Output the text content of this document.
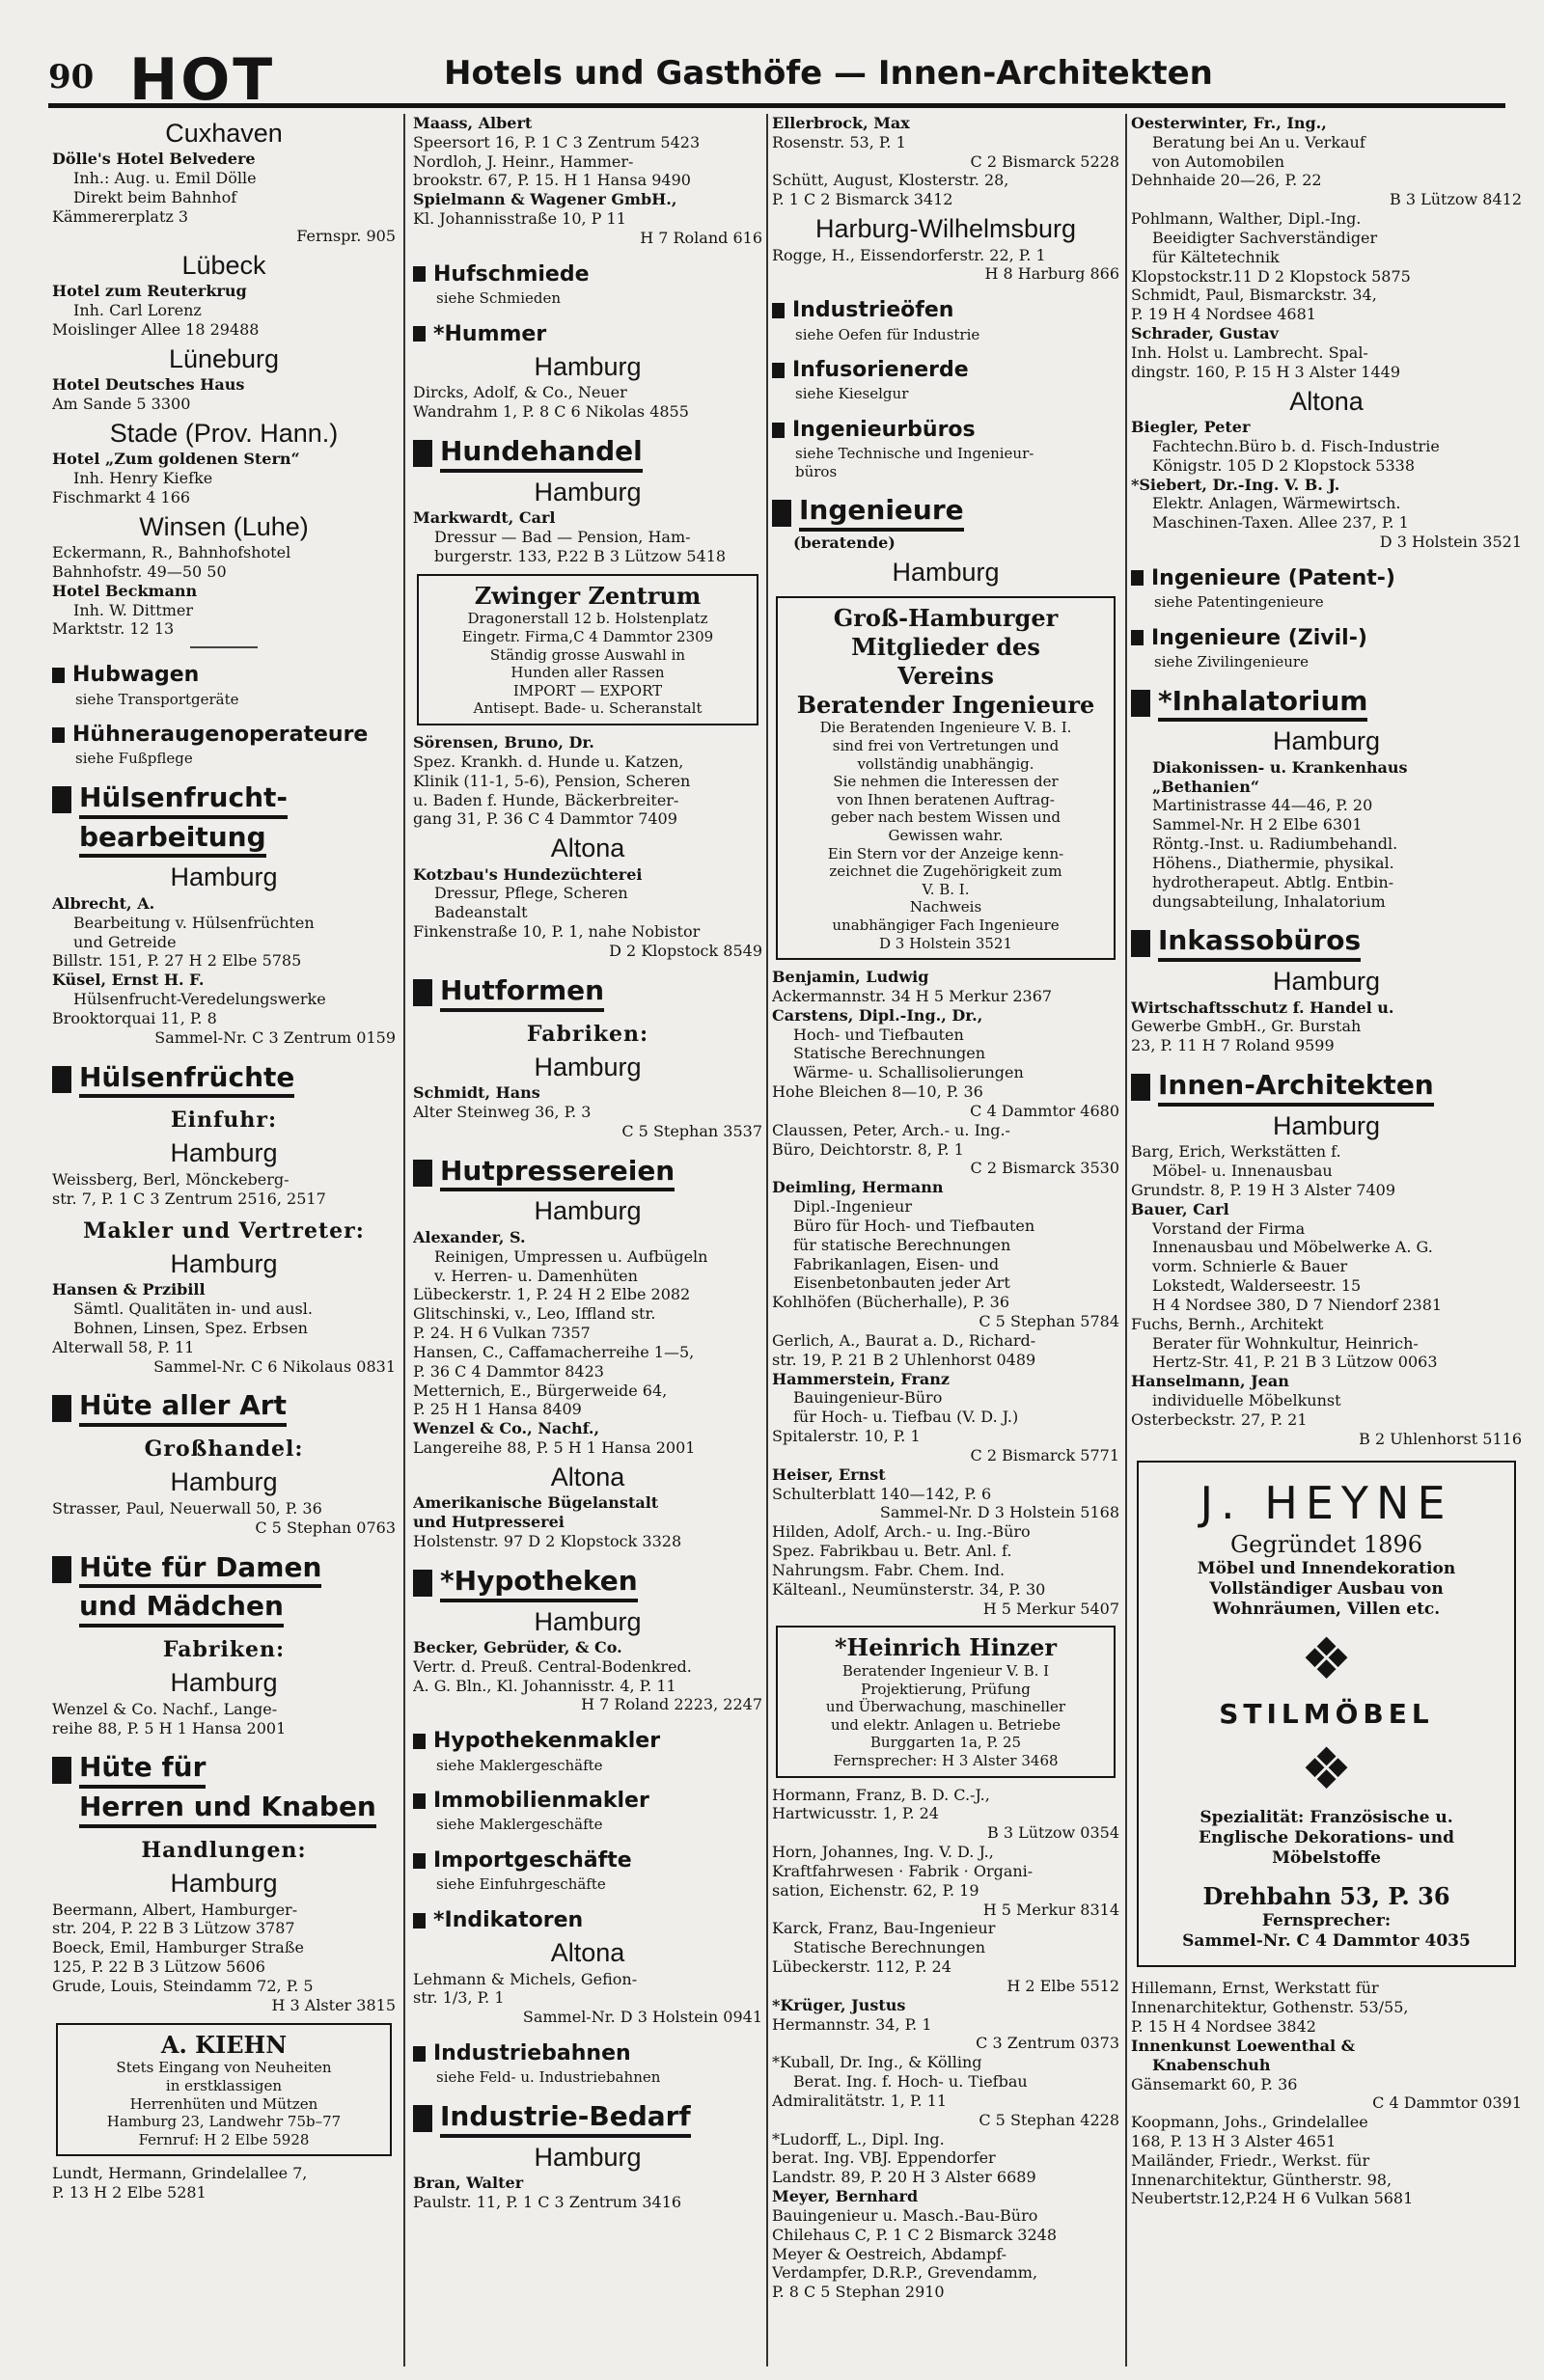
90 HOT	Hotels und Gasthöfe — Innen-Architekten
Cuxhaven
Dölle's Hotel Belvedere
Inh.: Aug. u. Emil Dölle
Direkt beim Bahnhof
Kämmererplatz 3
Fernspr. 905
Lübeck
Hotel zum Reuterkrug
Inh. Carl Lorenz
Moislinger Allee 18 29488
Lüneburg
Hotel Deutsches Haus
Am Sande 5 3300
Stade (Prov. Hann.)
Hotel „Zum goldenen Stern“
Inh. Henry Kiefke
Fischmarkt 4 166
Winsen (Luhe)
Eckermann, R., Bahnhofshotel
Bahnhofstr. 49—50 50
Hotel Beckmann
Inh. W. Dittmer
Marktstr. 12 13
Hubwagen
siehe Transportgeräte
Hühneraugenoperateure
siehe Fußpflege
Hülsenfrucht-
bearbeitung
Hamburg
Albrecht, A.
Bearbeitung v. Hülsenfrüchten
und Getreide
Billstr. 151, P. 27 H 2 Elbe 5785
Küsel, Ernst H. F.
Hülsenfrucht-Veredelungswerke
Brooktorquai 11, P. 8
Sammel-Nr. C 3 Zentrum 0159
Hülsenfrüchte
Einfuhr:
Hamburg
Weissberg, Berl, Mönckeberg-
str. 7, P. 1 C 3 Zentrum 2516, 2517
Makler und Vertreter:
Hamburg
Hansen & Przibill
Sämtl. Qualitäten in- und ausl.
Bohnen, Linsen, Spez. Erbsen
Alterwall 58, P. 11
Sammel-Nr. C 6 Nikolaus 0831
Hüte aller Art
Großhandel:
Hamburg
Strasser, Paul, Neuerwall 50, P. 36
C 5 Stephan 0763
Hüte für Damen
und Mädchen
Fabriken:
Hamburg
Wenzel & Co. Nachf., Lange-
reihe 88, P. 5 H 1 Hansa 2001
Hüte für
Herren und Knaben
Handlungen:
Hamburg
Beermann, Albert, Hamburger-
str. 204, P. 22 B 3 Lützow 3787
Boeck, Emil, Hamburger Straße
125, P. 22 B 3 Lützow 5606
Grude, Louis, Steindamm 72, P. 5
H 3 Alster 3815
A. KIEHN
Stets Eingang von Neuheiten
in erstklassigen
Herrenhüten und Mützen
Hamburg 23, Landwehr 75b–77
Fernruf: H 2 Elbe 5928
Lundt, Hermann, Grindelallee 7,
P. 13 H 2 Elbe 5281
Maass, Albert
Speersort 16, P. 1 C 3 Zentrum 5423
Nordloh, J. Heinr., Hammer-
brookstr. 67, P. 15. H 1 Hansa 9490
Spielmann & Wagener GmbH.,
Kl. Johannisstraße 10, P 11
H 7 Roland 616
Hufschmiede
siehe Schmieden
*Hummer
Hamburg
Dircks, Adolf, & Co., Neuer
Wandrahm 1, P. 8 C 6 Nikolas 4855
Hundehandel
Hamburg
Markwardt, Carl
Dressur — Bad — Pension, Ham-
burgerstr. 133, P.22 B 3 Lützow 5418
Zwinger Zentrum
Dragonerstall 12 b. Holstenplatz
Eingetr. Firma,C 4 Dammtor 2309
Ständig grosse Auswahl in
Hunden aller Rassen
IMPORT — EXPORT
Antisept. Bade- u. Scheranstalt
Sörensen, Bruno, Dr.
Spez. Krankh. d. Hunde u. Katzen,
Klinik (11-1, 5-6), Pension, Scheren
u. Baden f. Hunde, Bäckerbreiter-
gang 31, P. 36 C 4 Dammtor 7409
Altona
Kotzbau's Hundezüchterei
Dressur, Pflege, Scheren
Badeanstalt
Finkenstraße 10, P. 1, nahe Nobistor
D 2 Klopstock 8549
Hutformen
Fabriken:
Hamburg
Schmidt, Hans
Alter Steinweg 36, P. 3
C 5 Stephan 3537
Hutpressereien
Hamburg
Alexander, S.
Reinigen, Umpressen u. Aufbügeln
v. Herren- u. Damenhüten
Lübeckerstr. 1, P. 24 H 2 Elbe 2082
Glitschinski, v., Leo, Iffland str.
P. 24. H 6 Vulkan 7357
Hansen, C., Caffamacherreihe 1—5,
P. 36 C 4 Dammtor 8423
Metternich, E., Bürgerweide 64,
P. 25 H 1 Hansa 8409
Wenzel & Co., Nachf.,
Langereihe 88, P. 5 H 1 Hansa 2001
Altona
Amerikanische Bügelanstalt
und Hutpresserei
Holstenstr. 97 D 2 Klopstock 3328
*Hypotheken
Hamburg
Becker, Gebrüder, & Co.
Vertr. d. Preuß. Central-Bodenkred.
A. G. Bln., Kl. Johannisstr. 4, P. 11
H 7 Roland 2223, 2247
Hypothekenmakler
siehe Maklergeschäfte
Immobilienmakler
siehe Maklergeschäfte
Importgeschäfte
siehe Einfuhrgeschäfte
*Indikatoren
Altona
Lehmann & Michels, Gefion-
str. 1/3, P. 1
Sammel-Nr. D 3 Holstein 0941
Industriebahnen
siehe Feld- u. Industriebahnen
Industrie-Bedarf
Hamburg
Bran, Walter
Paulstr. 11, P. 1 C 3 Zentrum 3416
Ellerbrock, Max
Rosenstr. 53, P. 1
C 2 Bismarck 5228
Schütt, August, Klosterstr. 28,
P. 1 C 2 Bismarck 3412
Harburg-Wilhelmsburg
Rogge, H., Eissendorferstr. 22, P. 1
H 8 Harburg 866
Industrieöfen
siehe Oefen für Industrie
Infusorienerde
siehe Kieselgur
Ingenieurbüros
siehe Technische und Ingenieur-
büros
Ingenieure
(beratende)
Hamburg
Groß-Hamburger Mitglieder des
Vereins
Beratender Ingenieure
Die Beratenden Ingenieure V. B. I.
sind frei von Vertretungen und
vollständig unabhängig.
Sie nehmen die Interessen der
von Ihnen beratenen Auftrag-
geber nach bestem Wissen und
Gewissen wahr.
Ein Stern vor der Anzeige kenn-
zeichnet die Zugehörigkeit zum
V. B. I.
Nachweis
unabhängiger Fach Ingenieure
D 3 Holstein 3521
Benjamin, Ludwig
Ackermannstr. 34 H 5 Merkur 2367
Carstens, Dipl.-Ing., Dr.,
Hoch- und Tiefbauten
Statische Berechnungen
Wärme- u. Schallisolierungen
Hohe Bleichen 8—10, P. 36
C 4 Dammtor 4680
Claussen, Peter, Arch.- u. Ing.-
Büro, Deichtorstr. 8, P. 1
C 2 Bismarck 3530
Deimling, Hermann
Dipl.-Ingenieur
Büro für Hoch- und Tiefbauten
für statische Berechnungen
Fabrikanlagen, Eisen- und
Eisenbetonbauten jeder Art
Kohlhöfen (Bücherhalle), P. 36
C 5 Stephan 5784
Gerlich, A., Baurat a. D., Richard-
str. 19, P. 21 B 2 Uhlenhorst 0489
Hammerstein, Franz
Bauingenieur-Büro
für Hoch- u. Tiefbau (V. D. J.)
Spitalerstr. 10, P. 1
C 2 Bismarck 5771
Heiser, Ernst
Schulterblatt 140—142, P. 6
Sammel-Nr. D 3 Holstein 5168
Hilden, Adolf, Arch.- u. Ing.-Büro
Spez. Fabrikbau u. Betr. Anl. f.
Nahrungsm. Fabr. Chem. Ind.
Kälteanl., Neumünsterstr. 34, P. 30
H 5 Merkur 5407
*Heinrich Hinzer
Beratender Ingenieur V. B. I
Projektierung, Prüfung
und Überwachung, maschineller
und elektr. Anlagen u. Betriebe
Burggarten 1a, P. 25
Fernsprecher: H 3 Alster 3468
Hormann, Franz, B. D. C.-J.,
Hartwicusstr. 1, P. 24
B 3 Lützow 0354
Horn, Johannes, Ing. V. D. J.,
Kraftfahrwesen · Fabrik · Organi-
sation, Eichenstr. 62, P. 19
H 5 Merkur 8314
Karck, Franz, Bau-Ingenieur
Statische Berechnungen
Lübeckerstr. 112, P. 24
H 2 Elbe 5512
*Krüger, Justus
Hermannstr. 34, P. 1
C 3 Zentrum 0373
*Kuball, Dr. Ing., & Kölling
Berat. Ing. f. Hoch- u. Tiefbau
Admiralitätstr. 1, P. 11
C 5 Stephan 4228
*Ludorff, L., Dipl. Ing.
berat. Ing. VBJ. Eppendorfer
Landstr. 89, P. 20 H 3 Alster 6689
Meyer, Bernhard
Bauingenieur u. Masch.-Bau-Büro
Chilehaus C, P. 1 C 2 Bismarck 3248
Meyer & Oestreich, Abdampf-
Verdampfer, D.R.P., Grevendamm,
P. 8 C 5 Stephan 2910
Oesterwinter, Fr., Ing.,
Beratung bei An u. Verkauf
von Automobilen
Dehnhaide 20—26, P. 22
B 3 Lützow 8412
Pohlmann, Walther, Dipl.-Ing.
Beeidigter Sachverständiger
für Kältetechnik
Klopstockstr.11 D 2 Klopstock 5875
Schmidt, Paul, Bismarckstr. 34,
P. 19 H 4 Nordsee 4681
Schrader, Gustav
Inh. Holst u. Lambrecht. Spal-
dingstr. 160, P. 15 H 3 Alster 1449
Altona
Biegler, Peter
Fachtechn.Büro b. d. Fisch-Industrie
Königstr. 105 D 2 Klopstock 5338
*Siebert, Dr.-Ing. V. B. J.
Elektr. Anlagen, Wärmewirtsch.
Maschinen-Taxen. Allee 237, P. 1
D 3 Holstein 3521
Ingenieure (Patent-)
siehe Patentingenieure
Ingenieure (Zivil-)
siehe Zivilingenieure
*Inhalatorium
Hamburg
Diakonissen- u. Krankenhaus
„Bethanien“
Martinistrasse 44—46, P. 20
Sammel-Nr. H 2 Elbe 6301
Röntg.-Inst. u. Radiumbehandl.
Höhens., Diathermie, physikal.
hydrotherapeut. Abtlg. Entbin-
dungsabteilung, Inhalatorium
Inkassobüros
Hamburg
Wirtschaftsschutz f. Handel u.
Gewerbe GmbH., Gr. Burstah
23, P. 11 H 7 Roland 9599
Innen-Architekten
Hamburg
Barg, Erich, Werkstätten f.
Möbel- u. Innenausbau
Grundstr. 8, P. 19 H 3 Alster 7409
Bauer, Carl
Vorstand der Firma
Innenausbau und Möbelwerke A. G.
vorm. Schnierle & Bauer
Lokstedt, Walderseestr. 15
H 4 Nordsee 380, D 7 Niendorf 2381
Fuchs, Bernh., Architekt
Berater für Wohnkultur, Heinrich-
Hertz-Str. 41, P. 21 B 3 Lützow 0063
Hanselmann, Jean
individuelle Möbelkunst
Osterbeckstr. 27, P. 21
B 2 Uhlenhorst 5116
J. HEYNE
Gegründet 1896
Möbel und Innendekoration
Vollständiger Ausbau von
Wohnräumen, Villen etc.
❖
STILMÖBEL
❖
Spezialität: Französische u.
Englische Dekorations- und
Möbelstoffe
Drehbahn 53, P. 36
Fernsprecher:
Sammel-Nr. C 4 Dammtor 4035
Hillemann, Ernst, Werkstatt für
Innenarchitektur, Gothenstr. 53/55,
P. 15 H 4 Nordsee 3842
Innenkunst Loewenthal &
Knabenschuh
Gänsemarkt 60, P. 36
C 4 Dammtor 0391
Koopmann, Johs., Grindelallee
168, P. 13 H 3 Alster 4651
Mailänder, Friedr., Werkst. für
Innenarchitektur, Güntherstr. 98,
Neubertstr.12,P.24 H 6 Vulkan 5681
